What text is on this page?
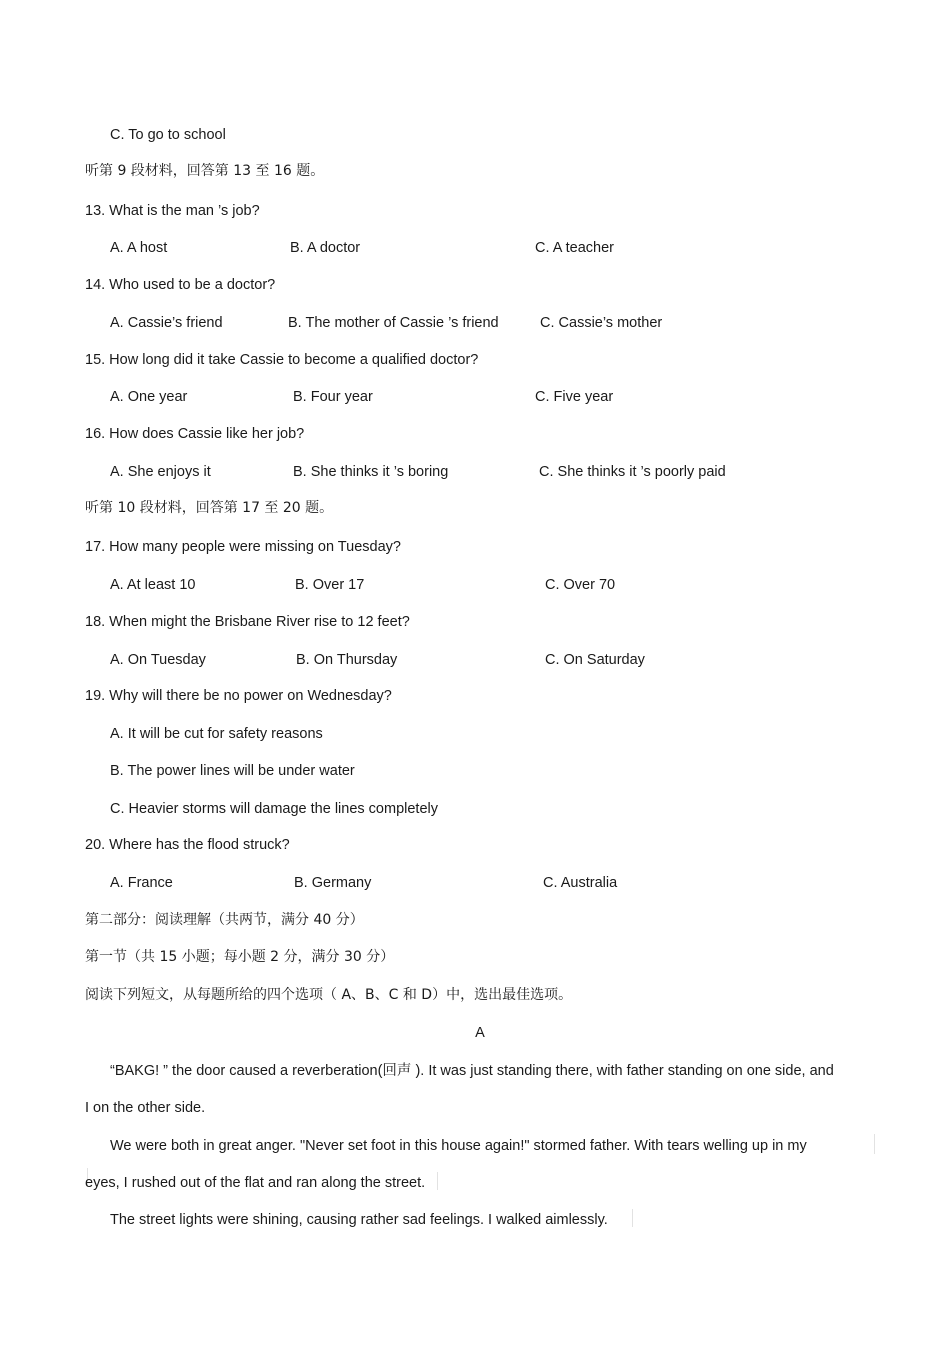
C. To go to school
听第 9 段材料，回答第 13 至 16 题。
13. What is the man ’s job?
A. A host	B. A doctor	C. A teacher
14. Who used to be a doctor?
A. Cassie’s friend	B. The mother of Cassie ’s friend	C. Cassie’s mother
15. How long did it take Cassie to become a qualified doctor?
A. One year	B. Four year	C. Five year
16. How does Cassie like her job?
A. She enjoys it	B. She thinks it ’s boring	C. She thinks it ’s poorly paid
听第 10 段材料，回答第 17 至 20 题。
17. How many people were missing on Tuesday?
A. At least 10	B. Over 17	C. Over 70
18. When might the Brisbane River rise to 12 feet?
A. On Tuesday	B. On Thursday	C. On Saturday
19. Why will there be no power on Wednesday?
A. It will be cut for safety reasons
B. The power lines will be under water
C. Heavier storms will damage the lines completely
20. Where has the flood struck?
A. France	B. Germany	C. Australia
第二部分：阅读理解（共两节，满分 40 分）
第一节（共 15 小题；每小题 2 分，满分 30 分）
阅读下列短文，从每题所给的四个选项（ A、B、C 和 D）中，选出最佳选项。
A
“BAKG! ” the door caused a reverberation(回声 ). It was just standing there, with father standing on one side, and
I on the other side.
We were both in great anger. "Never set foot in this house again!" stormed father. With tears welling up in my
eyes, I rushed out of the flat and ran along the street.
The street lights were shining, causing rather sad feelings. I walked aimlessly.
